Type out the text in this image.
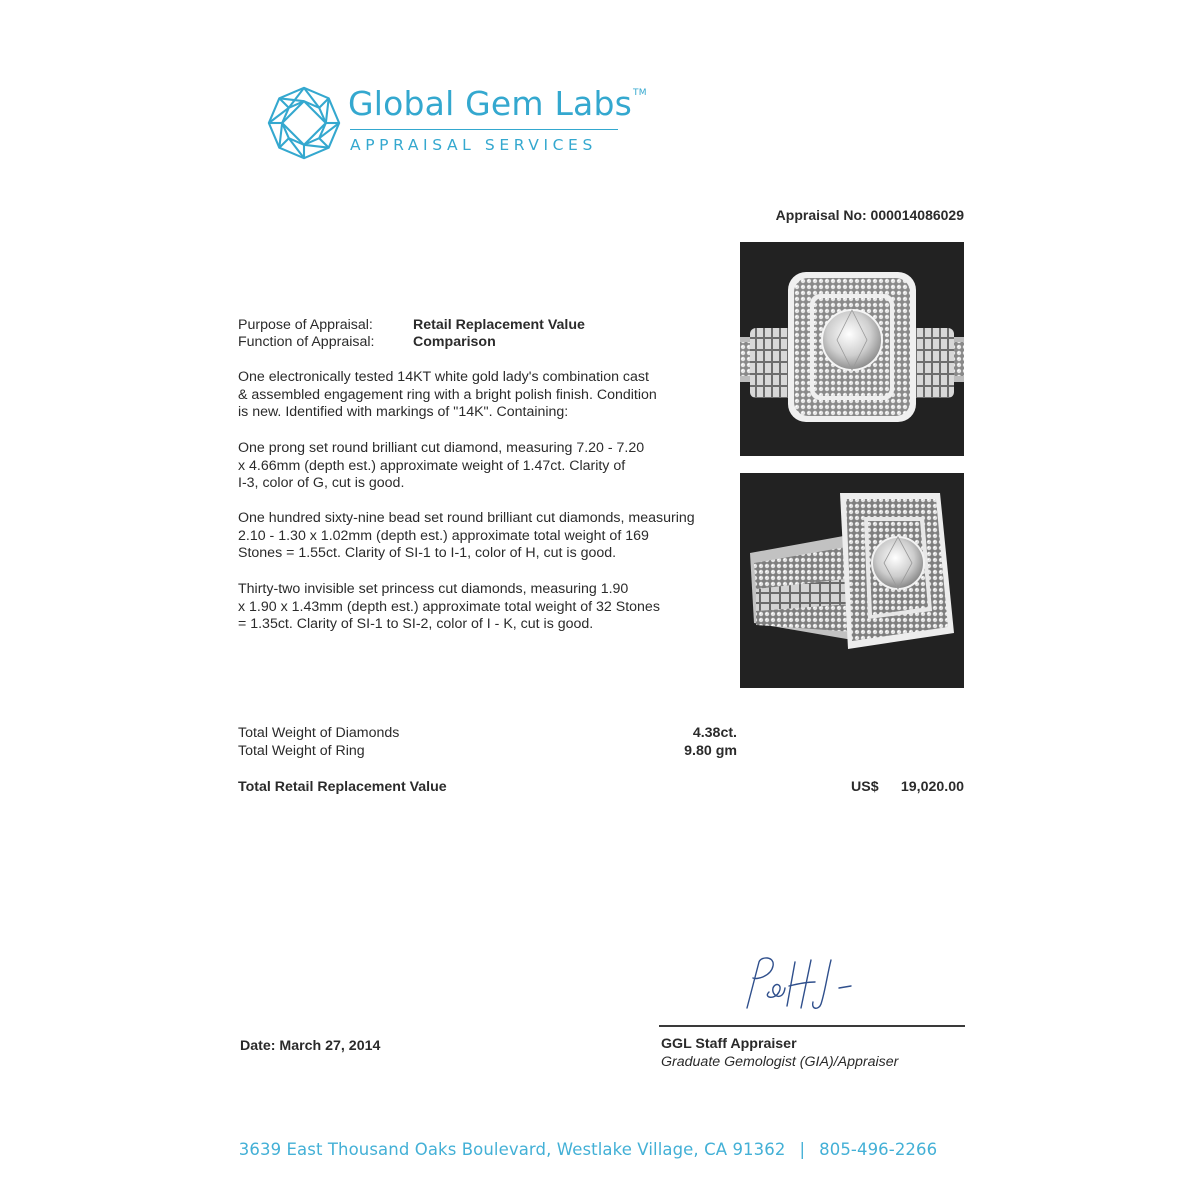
Global Gem Labs™
APPRAISAL SERVICES
Appraisal No: 000014086029
Purpose of Appraisal:	Retail Replacement Value
Function of Appraisal:	Comparison
One electronically tested 14KT white gold lady's combination cast
& assembled engagement ring with a bright polish finish. Condition
is new. Identified with markings of "14K". Containing:
One prong set round brilliant cut diamond, measuring 7.20 - 7.20
x 4.66mm (depth est.) approximate weight of 1.47ct. Clarity of
I-3, color of G, cut is good.
One hundred sixty-nine bead set round brilliant cut diamonds, measuring
2.10 - 1.30 x 1.02mm (depth est.) approximate total weight of 169
Stones = 1.55ct. Clarity of SI-1 to I-1, color of H, cut is good.
Thirty-two invisible set princess cut diamonds, measuring 1.90
x 1.90 x 1.43mm (depth est.) approximate total weight of 32 Stones
= 1.35ct. Clarity of SI-1 to SI-2, color of I - K, cut is good.
Total Weight of Diamonds	4.38ct.
Total Weight of Ring	9.80 gm
Total Retail Replacement Value	US$ 19,020.00
Date: March 27, 2014	GGL Staff Appraiser
Graduate Gemologist (GIA)/Appraiser
3639 East Thousand Oaks Boulevard, Westlake Village, CA 91362 | 805-496-2266
